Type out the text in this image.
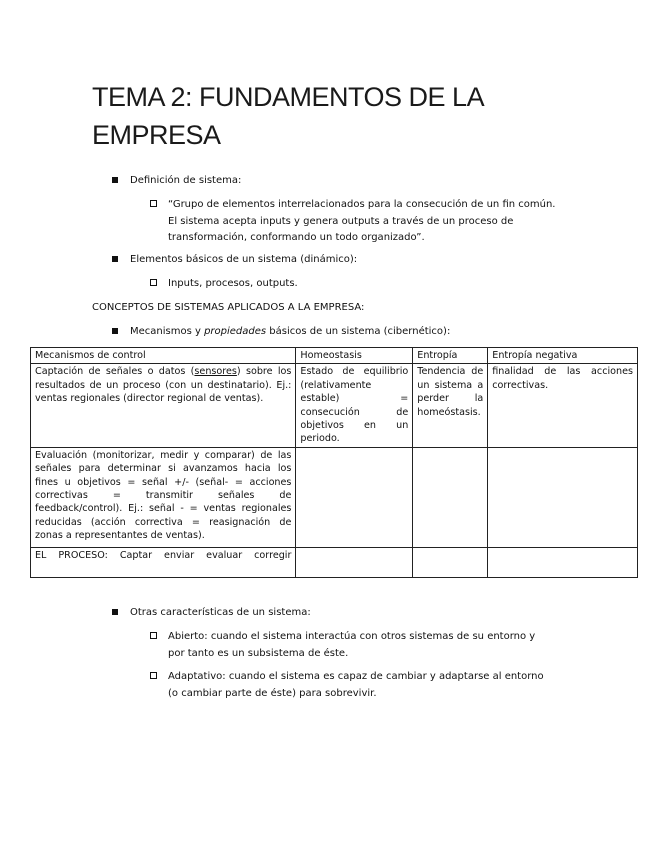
TEMA 2: FUNDAMENTOS DE LA EMPRESA
Definición de sistema:
“Grupo de elementos interrelacionados para la consecución de un fin común. El sistema acepta inputs y genera outputs a través de un proceso de transformación, conformando un todo organizado”.
Elementos básicos de un sistema (dinámico):
Inputs, procesos, outputs.
CONCEPTOS DE SISTEMAS APLICADOS A LA EMPRESA:
Mecanismos y propiedades básicos de un sistema (cibernético):
Mecanismos de control	Homeostasis	Entropía	Entropía negativa
Captación de señales o datos (sensores) sobre los resultados de un proceso (con un destinatario). Ej.: ventas regionales (director regional de ventas).	Estado de equilibrio (relativamente estable) = consecución de objetivos en un periodo.	Tendencia de un sistema a perder la homeóstasis.	finalidad de las acciones correctivas.
Evaluación (monitorizar, medir y comparar) de las señales para determinar si avanzamos hacia los fines u objetivos = señal +/- (señal- = acciones correctivas = transmitir señales de feedback/control). Ej.: señal - = ventas regionales reducidas (acción correctiva = reasignación de zonas a representantes de ventas).			
EL PROCESO: Captar enviar evaluar corregir			
Otras características de un sistema:
Abierto: cuando el sistema interactúa con otros sistemas de su entorno y por tanto es un subsistema de éste.
Adaptativo: cuando el sistema es capaz de cambiar y adaptarse al entorno (o cambiar parte de éste) para sobrevivir.
